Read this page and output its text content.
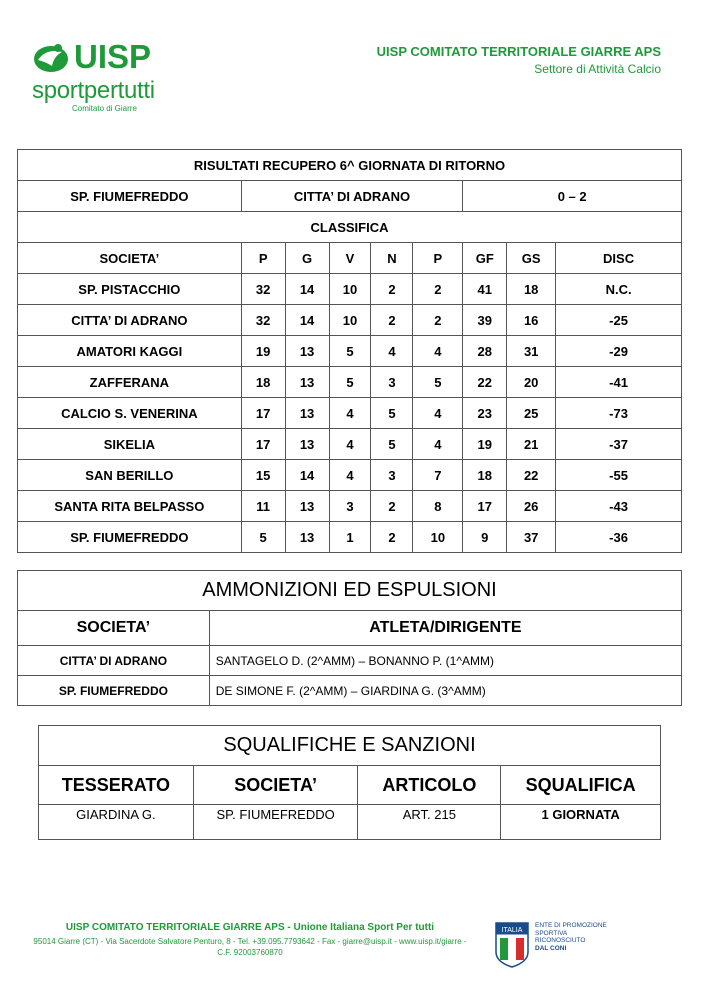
UISP
sportpertutti
Comitato di Giarre
UISP COMITATO TERRITORIALE GIARRE APS
Settore di Attività Calcio
RISULTATI RECUPERO 6^ GIORNATA DI RITORNO								
SP. FIUMEFREDDO	CITTA’ DI ADRANO					0 – 2		
CLASSIFICA								
SOCIETA’	P	G	V	N	P	GF	GS	DISC
SP. PISTACCHIO	32	14	10	2	2	41	18	N.C.
CITTA’ DI ADRANO	32	14	10	2	2	39	16	-25
AMATORI KAGGI	19	13	5	4	4	28	31	-29
ZAFFERANA	18	13	5	3	5	22	20	-41
CALCIO S. VENERINA	17	13	4	5	4	23	25	-73
SIKELIA	17	13	4	5	4	19	21	-37
SAN BERILLO	15	14	4	3	7	18	22	-55
SANTA RITA BELPASSO	11	13	3	2	8	17	26	-43
SP. FIUMEFREDDO	5	13	1	2	10	9	37	-36
AMMONIZIONI ED ESPULSIONI	
SOCIETA’	ATLETA/DIRIGENTE
CITTA’ DI ADRANO	SANTAGELO D. (2^AMM) – BONANNO P. (1^AMM)
SP. FIUMEFREDDO	DE SIMONE F. (2^AMM) – GIARDINA G. (3^AMM)
SQUALIFICHE E SANZIONI			
TESSERATO	SOCIETA’	ARTICOLO	SQUALIFICA
GIARDINA G.	SP. FIUMEFREDDO	ART. 215	1 GIORNATA
UISP COMITATO TERRITORIALE GIARRE APS - Unione Italiana Sport Per tutti
95014 Giarre (CT) - Via Sacerdote Salvatore Penturo, 8 - Tel. +39.095.7793642 - Fax - giarre@uisp.it - www.uisp.it/giarre -
C.F. 92003760870
ITALIA
ENTE DI PROMOZIONE
SPORTIVA
RICONOSCIUTO
DAL CONI
